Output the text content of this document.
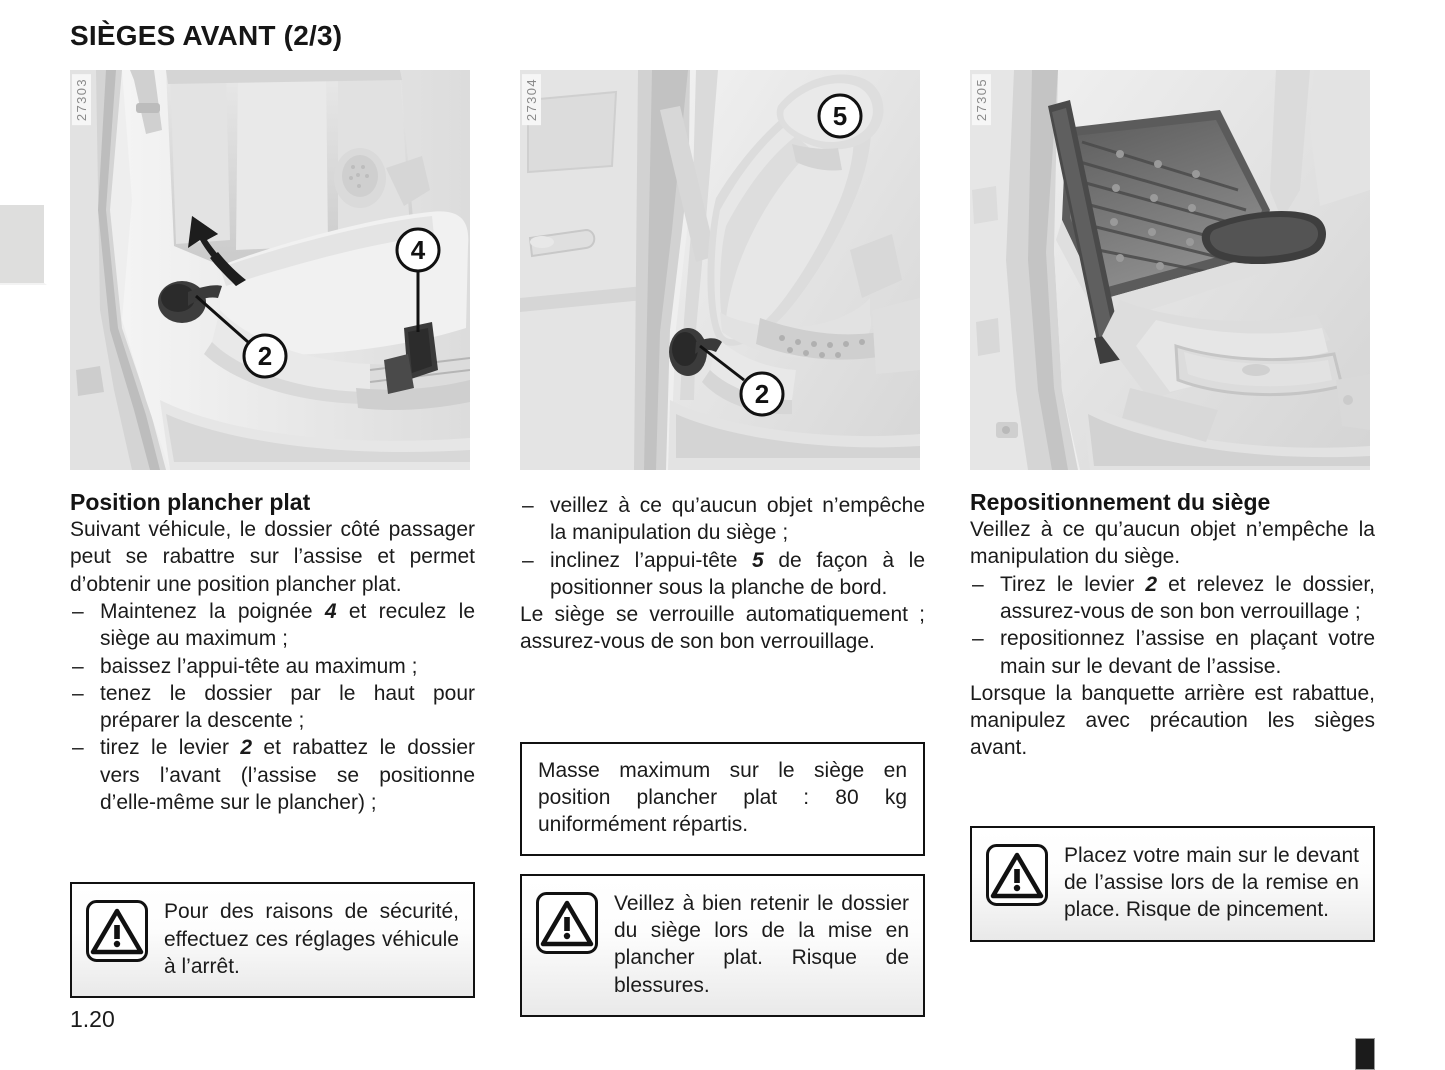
SIÈGES AVANT (2/3)
27303
4
2
Position plancher plat

Suivant véhicule, le dossier côté passager peut se rabattre sur l’assise et permet d’obtenir une position plancher plat.

– Maintenez la poignée 4 et reculez le siège au maximum ;
– baissez l’appui-tête au maximum ;
– tenez le dossier par le haut pour préparer la descente ;
– tirez le levier 2 et rabattez le dossier vers l’avant (l’assise se positionne d’elle-même sur le plancher) ;

Pour des raisons de sécurité, effectuez ces réglages véhicule à l’arrêt.

27304
2
5
– veillez à ce qu’aucun objet n’empêche la manipulation du siège ;
– inclinez l’appui-tête 5 de façon à le positionner sous la planche de bord.

Le siège se verrouille automatiquement ; assurez-vous de son bon verrouillage.

Masse maximum sur le siège en position plancher plat : 80 kg uniformément répartis.

Veillez à bien retenir le dossier du siège lors de la mise en plancher plat. Risque de blessures.

27305
Repositionnement du siège

Veillez à ce qu’aucun objet n’empêche la manipulation du siège.

– Tirez le levier 2 et relevez le dossier, assurez-vous de son bon verrouillage ;
– repositionnez l’assise en plaçant votre main sur le devant de l’assise.

Lorsque la banquette arrière est rabattue, manipulez avec précaution les sièges avant.

Placez votre main sur le devant de l’assise lors de la remise en place. Risque de pincement.

1.20
